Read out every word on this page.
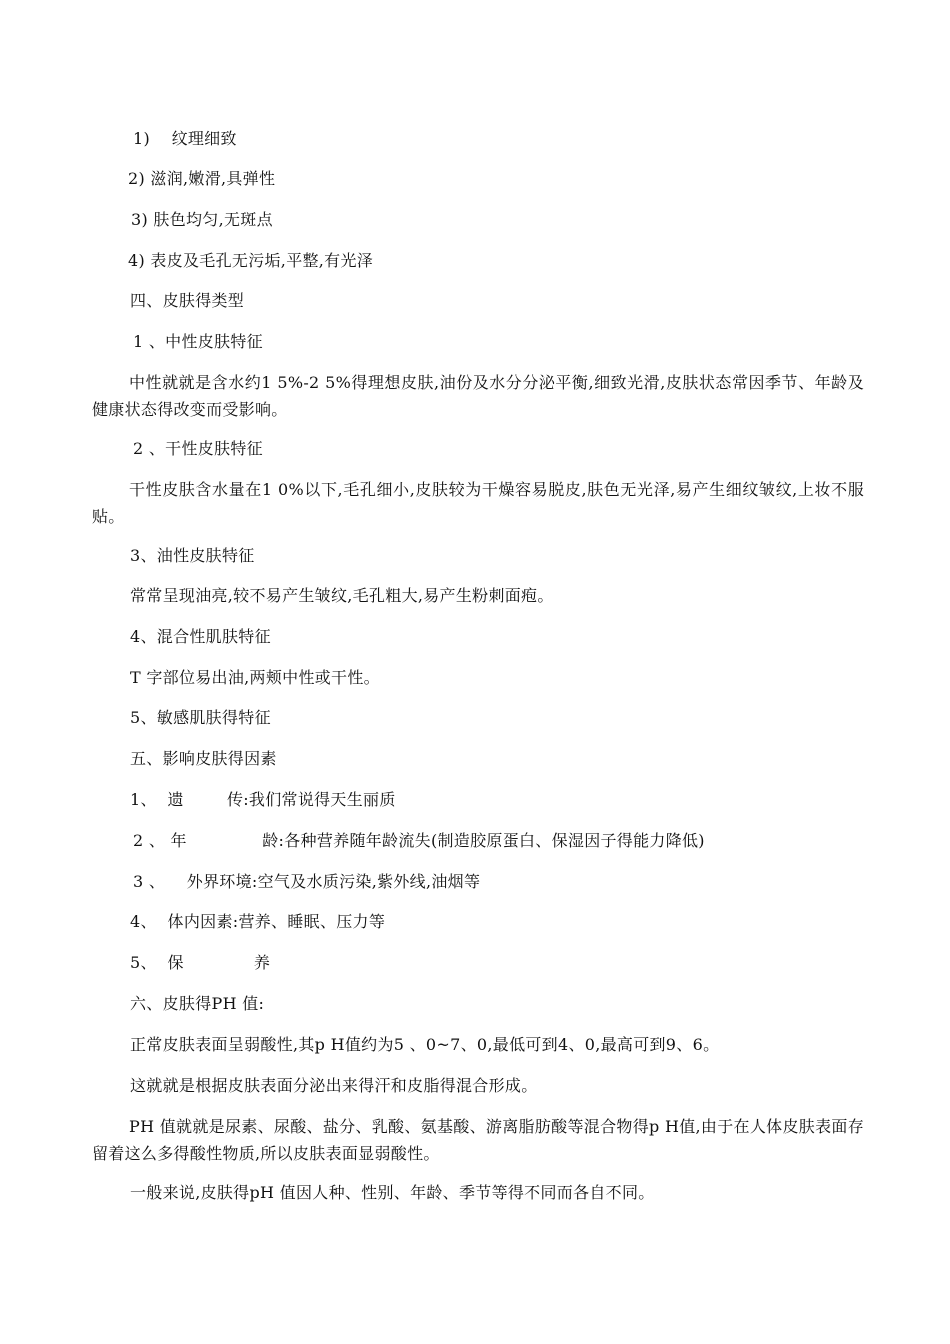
1)    纹理细致
2) 滋润,嫩滑,具弹性
3) 肤色均匀,无斑点
4) 表皮及毛孔无污垢,平整,有光泽
四、皮肤得类型
1 、中性皮肤特征
中性就就是含水约1 5%-2 5%得理想皮肤,油份及水分分泌平衡,细致光滑,皮肤状态常因季节、年龄及健康状态得改变而受影响。
2 、干性皮肤特征
干性皮肤含水量在1 0%以下,毛孔细小,皮肤较为干燥容易脱皮,肤色无光泽,易产生细纹皱纹,上妆不服贴。
3、油性皮肤特征
常常呈现油亮,较不易产生皱纹,毛孔粗大,易产生粉刺面疱。
4、混合性肌肤特征
T 字部位易出油,两颊中性或干性。
5、敏感肌肤得特征
五、影响皮肤得因素
1、  遗        传:我们常说得天生丽质
2 、 年              龄:各种营养随年龄流失(制造胶原蛋白、保湿因子得能力降低)
3 、    外界环境:空气及水质污染,紫外线,油烟等
4、  体内因素:营养、睡眠、压力等
5、  保             养
六、皮肤得PH 值:
正常皮肤表面呈弱酸性,其p H值约为5 、0~7、0,最低可到4、0,最高可到9、6。
这就就是根据皮肤表面分泌出来得汗和皮脂得混合形成。
PH 值就就是尿素、尿酸、盐分、乳酸、氨基酸、游离脂肪酸等混合物得p H值,由于在人体皮肤表面存留着这么多得酸性物质,所以皮肤表面显弱酸性。
一般来说,皮肤得pH 值因人种、性别、年龄、季节等得不同而各自不同。
